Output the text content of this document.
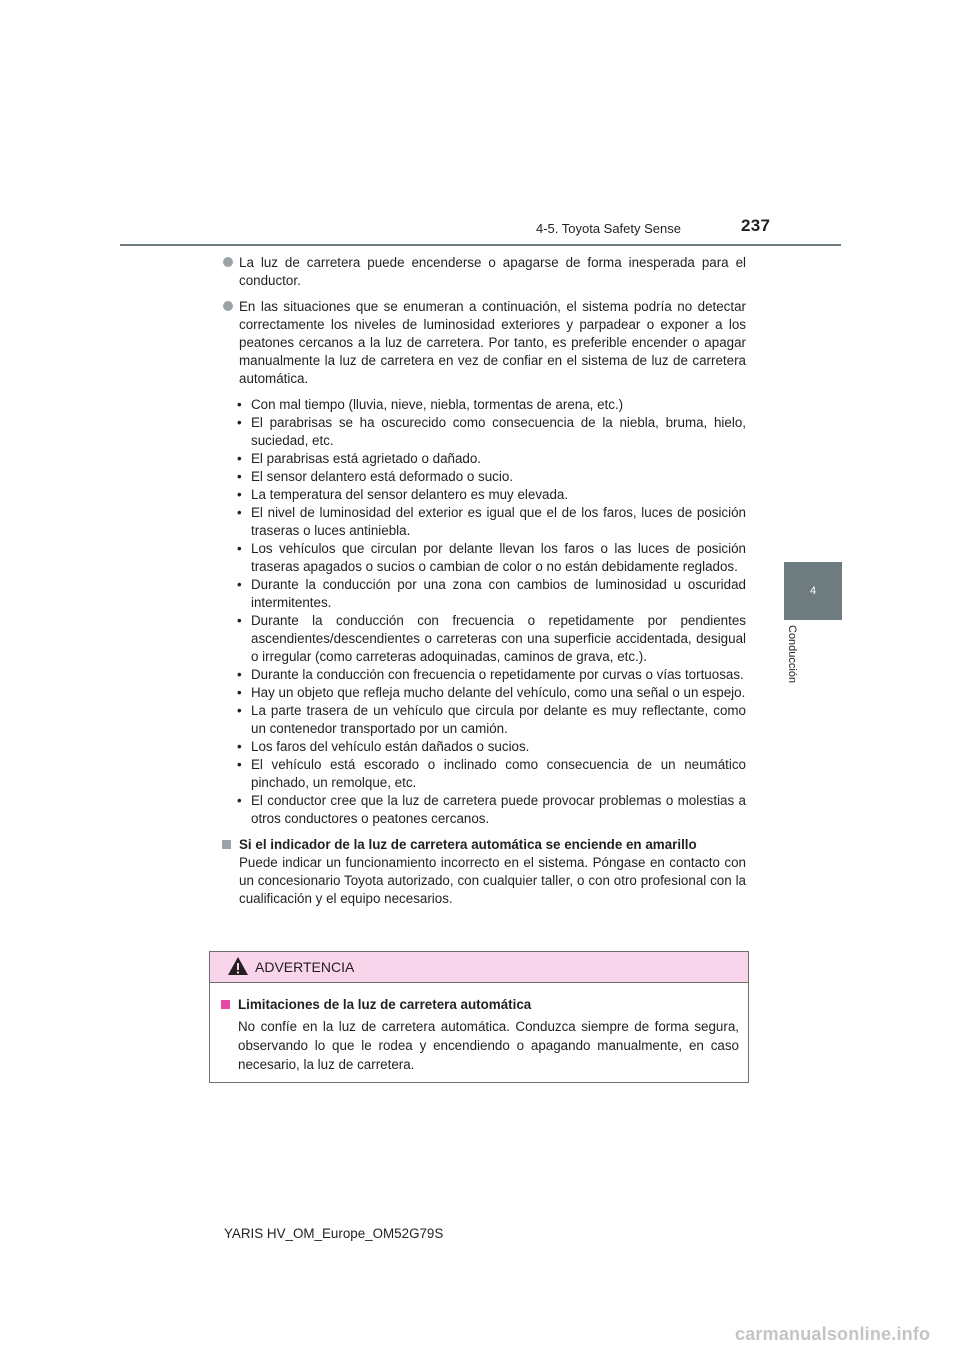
4-5. Toyota Safety Sense	237
4
Conducción

La luz de carretera puede encenderse o apagarse de forma inesperada para el conductor.

En las situaciones que se enumeran a continuación, el sistema podría no detectar correctamente los niveles de luminosidad exteriores y parpadear o exponer a los peatones cercanos a la luz de carretera. Por tanto, es preferible encender o apagar manualmente la luz de carretera en vez de confiar en el sistema de luz de carretera automática.

• Con mal tiempo (lluvia, nieve, niebla, tormentas de arena, etc.)
• El parabrisas se ha oscurecido como consecuencia de la niebla, bruma, hielo, suciedad, etc.
• El parabrisas está agrietado o dañado.
• El sensor delantero está deformado o sucio.
• La temperatura del sensor delantero es muy elevada.
• El nivel de luminosidad del exterior es igual que el de los faros, luces de posición traseras o luces antiniebla.
• Los vehículos que circulan por delante llevan los faros o las luces de posición traseras apagados o sucios o cambian de color o no están debidamente reglados.
• Durante la conducción por una zona con cambios de luminosidad u oscuridad intermitentes.
• Durante la conducción con frecuencia o repetidamente por pendientes ascendientes/descendientes o carreteras con una superficie accidentada, desigual o irregular (como carreteras adoquinadas, caminos de grava, etc.).
• Durante la conducción con frecuencia o repetidamente por curvas o vías tortuosas.
• Hay un objeto que refleja mucho delante del vehículo, como una señal o un espejo.
• La parte trasera de un vehículo que circula por delante es muy reflectante, como un contenedor transportado por un camión.
• Los faros del vehículo están dañados o sucios.
• El vehículo está escorado o inclinado como consecuencia de un neumático pinchado, un remolque, etc.
• El conductor cree que la luz de carretera puede provocar problemas o molestias a otros conductores o peatones cercanos.

Si el indicador de la luz de carretera automática se enciende en amarillo

Puede indicar un funcionamiento incorrecto en el sistema. Póngase en contacto con un concesionario Toyota autorizado, con cualquier taller, o con otro profesional con la cualificación y el equipo necesarios.

ADVERTENCIA

Limitaciones de la luz de carretera automática

No confíe en la luz de carretera automática. Conduzca siempre de forma segura, observando lo que le rodea y encendiendo o apagando manualmente, en caso necesario, la luz de carretera.

YARIS HV_OM_Europe_OM52G79S
carmanualsonline.info
